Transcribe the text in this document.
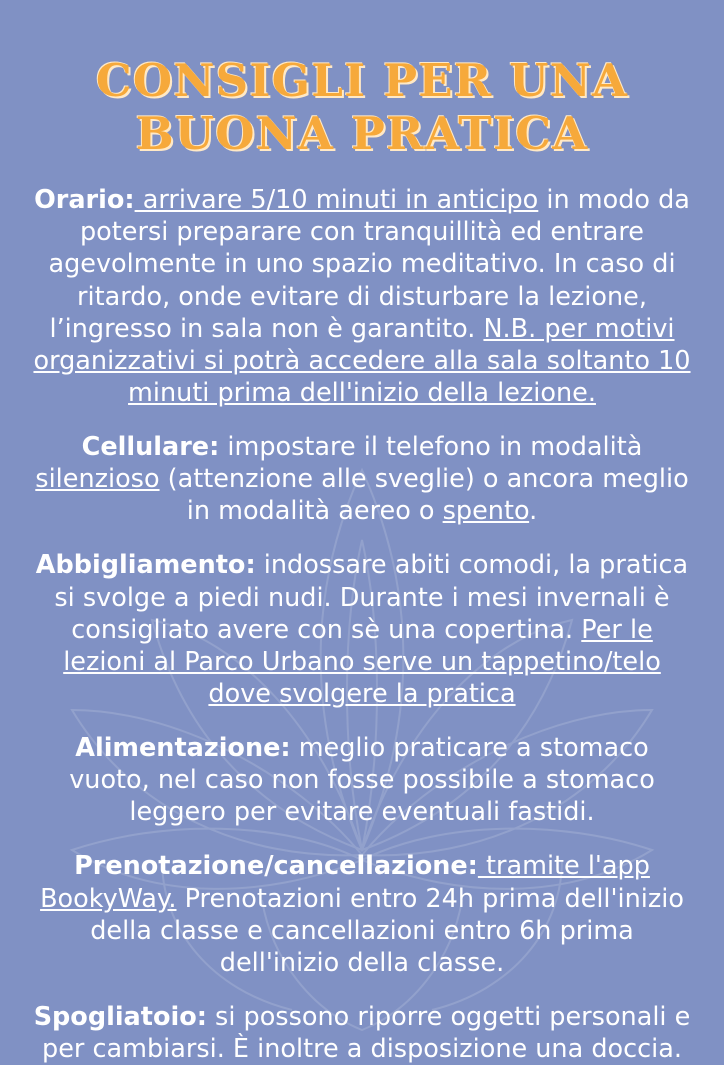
CONSIGLI PER UNA
BUONA PRATICA

Orario: arrivare 5/10 minuti in anticipo in modo da potersi preparare con tranquillità ed entrare agevolmente in uno spazio meditativo. In caso di ritardo, onde evitare di disturbare la lezione, l’ingresso in sala non è garantito. N.B. per motivi organizzativi si potrà accedere alla sala soltanto 10 minuti prima dell'inizio della lezione.

Cellulare: impostare il telefono in modalità silenzioso (attenzione alle sveglie) o ancora meglio in modalità aereo o spento.

Abbigliamento: indossare abiti comodi, la pratica si svolge a piedi nudi. Durante i mesi invernali è consigliato avere con sè una copertina. Per le lezioni al Parco Urbano serve un tappetino/telo dove svolgere la pratica

Alimentazione: meglio praticare a stomaco vuoto, nel caso non fosse possibile a stomaco leggero per evitare eventuali fastidi.

Prenotazione/cancellazione: tramite l'app BookyWay. Prenotazioni entro 24h prima dell'inizio della classe e cancellazioni entro 6h prima dell'inizio della classe.

Spogliatoio: si possono riporre oggetti personali e per cambiarsi. È inoltre a disposizione una doccia.
